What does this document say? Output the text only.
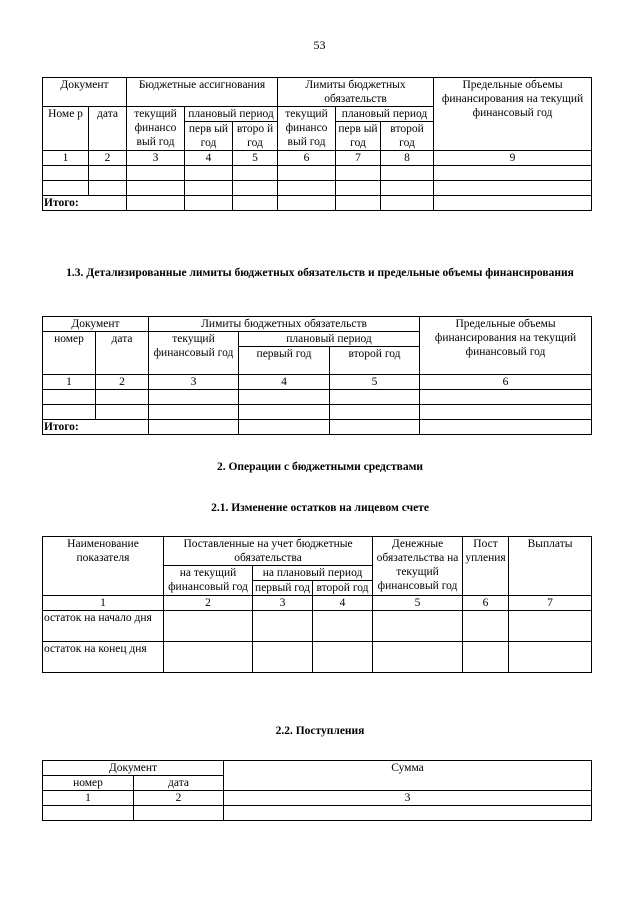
53
Документ		Бюджетные ассигнования			Лимиты бюджетных обязательств			Предельные объемы финансирования на текущий финансовый год
Номе р	дата	текущий финансо вый год	плановый период		текущий финансо вый год	плановый период		
			перв ый год	второ й год		перв ый год	второй год	
1	2	3	4	5	6	7	8	9

Итого:								
1.3. Детализированные лимиты бюджетных обязательств и предельные объемы финансирования
Документ		Лимиты бюджетных обязательств			Предельные объемы финансирования на текущий финансовый год
номер	дата	текущий финансовый год	плановый период		
			первый год	второй год	
1	2	3	4	5	6

Итого:					
2. Операции с бюджетными средствами
2.1. Изменение остатков на лицевом счете
Наименование показателя	Поставленные на учет бюджетные обязательства			Денежные обязательства на текущий финансовый год	Пост упления	Выплаты
	на текущий финансовый год	на плановый период				
		первый год	второй год			
1	2	3	4	5	6	7
остаток на начало дня						
остаток на конец дня						
2.2. Поступления
Документ		Сумма
номер	дата	
1	2	3
